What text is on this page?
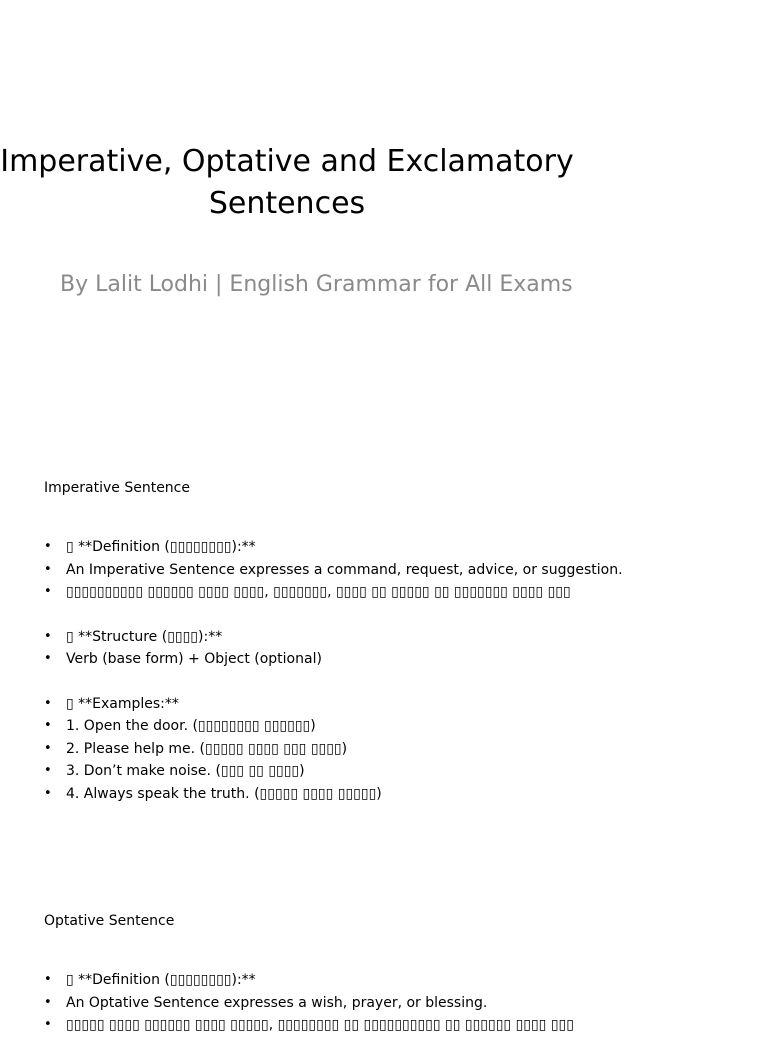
Imperative, Optative and Exclamatory
Sentences
By Lalit Lodhi | English Grammar for All Exams
Imperative Sentence
• ▯ **Definition (▯▯▯▯▯▯▯▯):**
• An Imperative Sentence expresses a command, request, advice, or suggestion.
• ▯▯▯▯▯▯▯▯▯▯ ▯▯▯▯▯▯ ▯▯▯▯ ▯▯▯▯, ▯▯▯▯▯▯▯, ▯▯▯▯ ▯▯ ▯▯▯▯▯ ▯▯ ▯▯▯▯▯▯▯ ▯▯▯▯ ▯▯▯
• ▯ **Structure (▯▯▯▯):**
• Verb (base form) + Object (optional)
• ▯ **Examples:**
• 1. Open the door. (▯▯▯▯▯▯▯▯ ▯▯▯▯▯▯)
• 2. Please help me. (▯▯▯▯▯ ▯▯▯▯ ▯▯▯ ▯▯▯▯)
• 3. Don’t make noise. (▯▯▯ ▯▯ ▯▯▯▯)
• 4. Always speak the truth. (▯▯▯▯▯ ▯▯▯▯ ▯▯▯▯▯)
Optative Sentence
• ▯ **Definition (▯▯▯▯▯▯▯▯):**
• An Optative Sentence expresses a wish, prayer, or blessing.
• ▯▯▯▯▯ ▯▯▯▯ ▯▯▯▯▯▯ ▯▯▯▯ ▯▯▯▯▯, ▯▯▯▯▯▯▯▯ ▯▯ ▯▯▯▯▯▯▯▯▯▯ ▯▯ ▯▯▯▯▯▯ ▯▯▯▯ ▯▯▯
